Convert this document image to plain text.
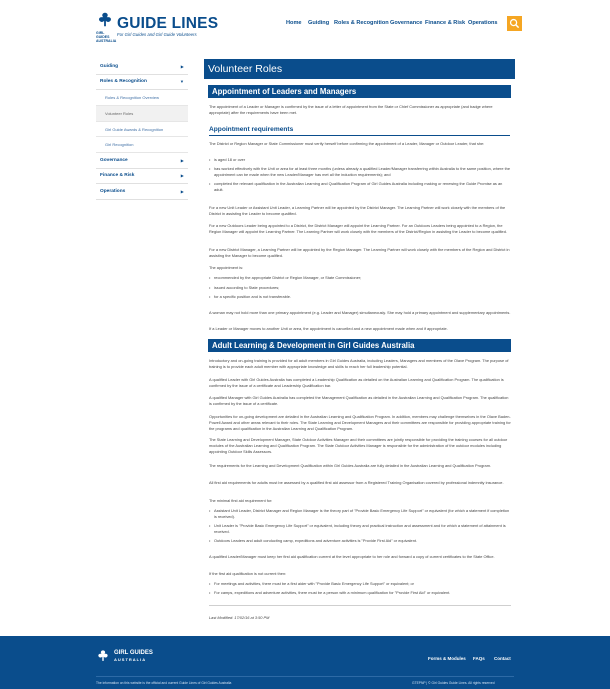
GUIDE LINES
GIRL GUIDES AUSTRALIA
For Girl Guides and Girl Guide Volunteers
Home Guiding Roles & Recognition Governance Finance & Risk Operations
Guiding	▶
Roles & Recognition	▼
Roles & Recognition Overview
Volunteer Roles
Girl Guide Awards & Recognition
Girl Recognition
Governance	▶
Finance & Risk	▶
Operations	▶
Volunteer Roles
Appointment of Leaders and Managers
The appointment of a Leader or Manager is confirmed by the issue of a letter of appointment from the State or Chief Commissioner as appropriate (and badge where appropriate) after the requirements have been met.
Appointment requirements
The District or Region Manager or State Commissioner must verify herself before confirming the appointment of a Leader, Manager or Outdoor Leader, that she:
• is aged 18 or over
• has worked effectively with the Unit or area for at least three months (unless already a qualified Leader/Manager transferring within Australia to the same position, where the appointment can be made when the new Leader/Manager has met all the induction requirements); and
• completed the relevant qualification in the Australian Learning and Qualification Program of Girl Guides Australia including making or renewing the Guide Promise as an adult.
For a new Unit Leader or Assistant Unit Leader, a Learning Partner will be appointed by the District Manager. The Learning Partner will work closely with the members of the District in assisting the Leader to become qualified.
For a new Outdoors Leader being appointed to a District, the District Manager will appoint the Learning Partner. For an Outdoors Leaders being appointed to a Region, the Region Manager will appoint the Learning Partner. The Learning Partner will work closely with the members of the District/Region in assisting the Leader to become qualified.
For a new District Manager, a Learning Partner will be appointed by the Region Manager. The Learning Partner will work closely with the members of the Region and District in assisting the Manager to become qualified.
The appointment is:
• recommended by the appropriate District or Region Manager, or State Commissioner;
• issued according to State procedures;
• for a specific position and is not transferable.
A woman may not hold more than one primary appointment (e.g. Leader and Manager) simultaneously. She may hold a primary appointment and supplementary appointments.
If a Leader or Manager moves to another Unit or area, the appointment is cancelled and a new appointment made when and if appropriate.
Adult Learning & Development in Girl Guides Australia
Introductory and on-going training is provided for all adult members in Girl Guides Australia, including Leaders, Managers and members of the Olave Program. The purpose of training is to provide each adult member with appropriate knowledge and skills to reach her full leadership potential.
A qualified Leader with Girl Guides Australia has completed a Leadership Qualification as detailed on the Australian Learning and Qualification Program. The qualification is confirmed by the issue of a certificate and Leadership Qualification bar.
A qualified Manager with Girl Guides Australia has completed the Management Qualification as detailed in the Australian Learning and Qualification Program. The qualification is confirmed by the issue of a certificate.
Opportunities for on-going development are detailed in the Australian Learning and Qualification Program. In addition, members may challenge themselves in the Olave Baden-Powell Award and other areas relevant to their roles. The State Learning and Development Managers and their committees are responsible for providing appropriate training for the programs and qualification in the Australian Learning and Qualification Program.
The State Learning and Development Manager, State Outdoor Activities Manager and their committees are jointly responsible for providing the training courses for all outdoor modules of the Australian Learning and Qualification Program. The State Outdoor Activities Manager is responsible for the administration of the outdoor modules including appointing Outdoor Skills Assessors.
The requirements for the Learning and Development Qualification within Girl Guides Australia are fully detailed in the Australian Learning and Qualification Program.
All first aid requirements for adults must be assessed by a qualified first aid assessor from a Registered Training Organisation covered by professional indemnity insurance.
The minimal first aid requirement for:
• Assistant Unit Leader, District Manager and Region Manager is the theory part of "Provide Basic Emergency Life Support" or equivalent (for which a statement if completion is received).
• Unit Leader is "Provide Basic Emergency Life Support" or equivalent, including theory and practical instruction and assessment and for which a statement of attainment is received.
• Outdoors Leaders and adult conducting camp, expeditions and adventure activities is "Provide First Aid" or equivalent.
A qualified Leader/Manager must keep her first aid qualification current at the level appropriate to her role and forward a copy of current certificates to the State Office.
If the first aid qualification is not current then:
• For meetings and activities, there must be a first aider with "Provide Basic Emergency Life Support" or equivalent; or
• For camps, expeditions and adventure activities, there must be a person with a minimum qualification for "Provide First Aid" or equivalent.
Last Modified: 17/02/16 at 3:50 PM
GIRL GUIDES
AUSTRALIA	Forms & Modules FAQs Contact
The information on this website is the official and current Guide Lines of Girl Guides Australia	GTEPNP | © Girl Guides Guide Lines. All rights reserved
